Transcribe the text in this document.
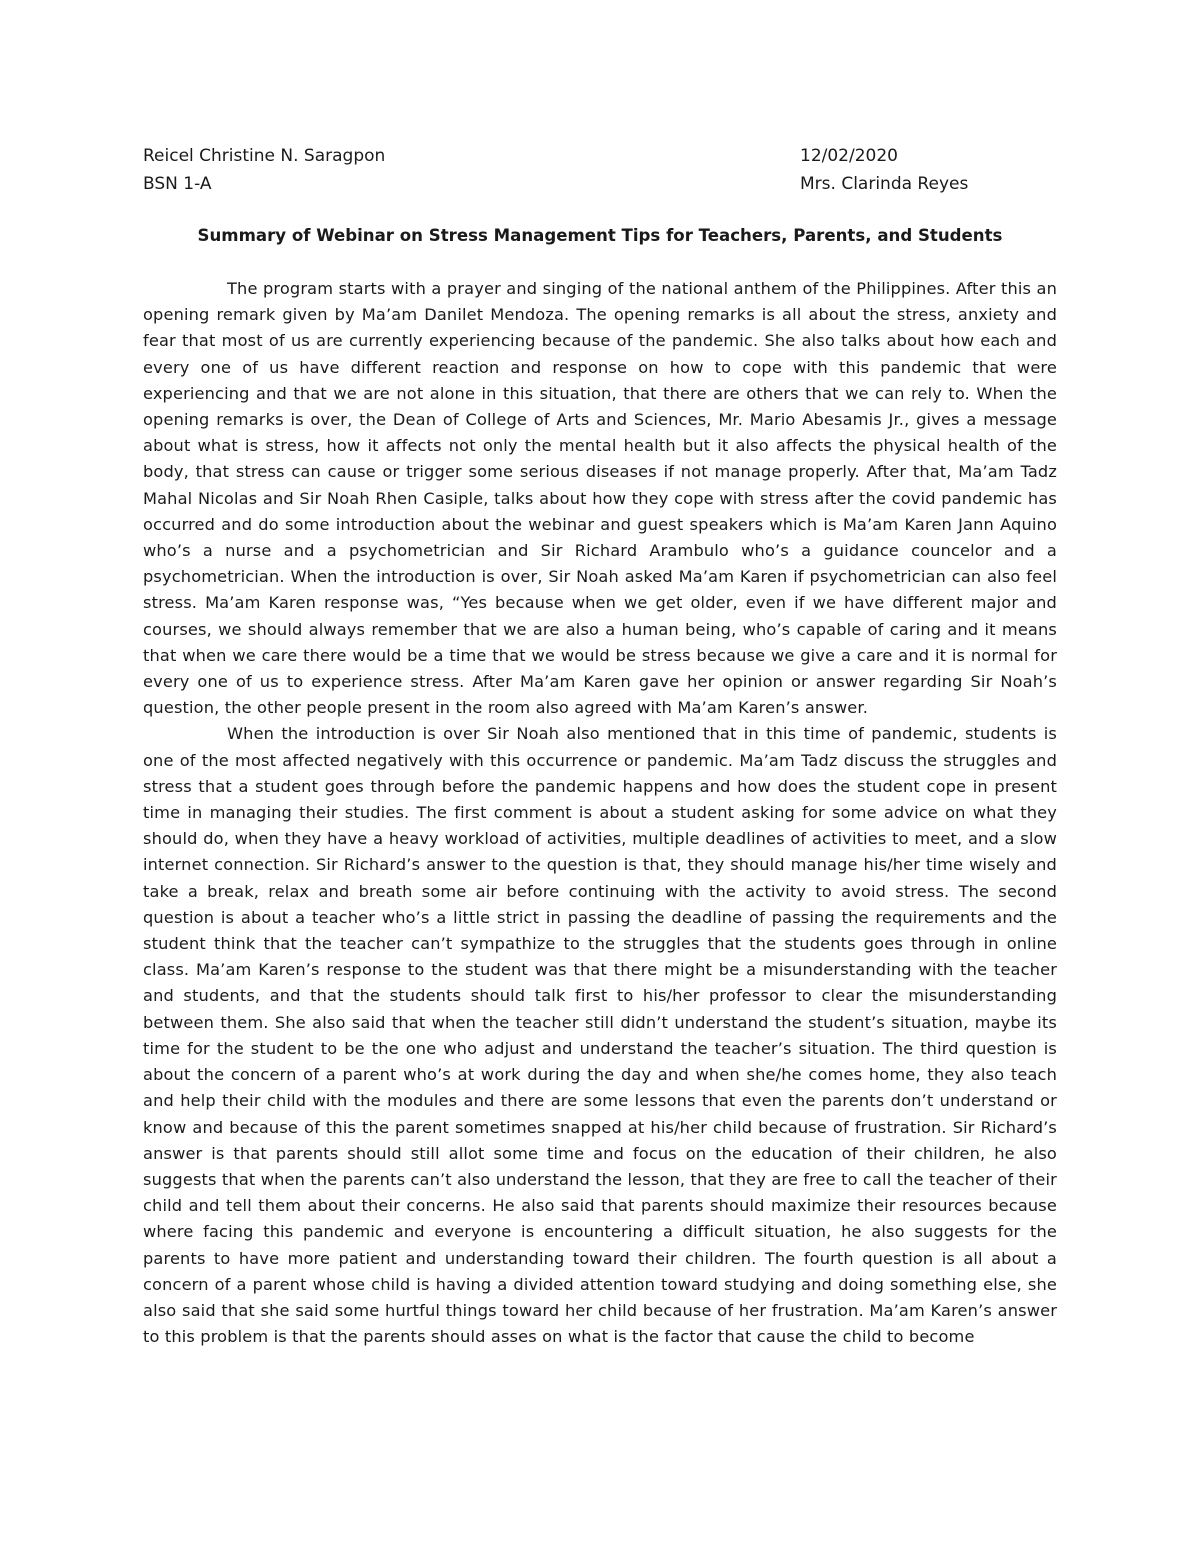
Reicel Christine N. Saragpon	12/02/2020
BSN 1-A	Mrs. Clarinda Reyes
Summary of Webinar on Stress Management Tips for Teachers, Parents, and Students

The program starts with a prayer and singing of the national anthem of the Philippines. After this an opening remark given by Ma’am Danilet Mendoza. The opening remarks is all about the stress, anxiety and fear that most of us are currently experiencing because of the pandemic. She also talks about how each and every one of us have different reaction and response on how to cope with this pandemic that were experiencing and that we are not alone in this situation, that there are others that we can rely to. When the opening remarks is over, the Dean of College of Arts and Sciences, Mr. Mario Abesamis Jr., gives a message about what is stress, how it affects not only the mental health but it also affects the physical health of the body, that stress can cause or trigger some serious diseases if not manage properly. After that, Ma’am Tadz Mahal Nicolas and Sir Noah Rhen Casiple, talks about how they cope with stress after the covid pandemic has occurred and do some introduction about the webinar and guest speakers which is Ma’am Karen Jann Aquino who’s a nurse and a psychometrician and Sir Richard Arambulo who’s a guidance councelor and a psychometrician. When the introduction is over, Sir Noah asked Ma’am Karen if psychometrician can also feel stress. Ma’am Karen response was, “Yes because when we get older, even if we have different major and courses, we should always remember that we are also a human being, who’s capable of caring and it means that when we care there would be a time that we would be stress because we give a care and it is normal for every one of us to experience stress. After Ma’am Karen gave her opinion or answer regarding Sir Noah’s question, the other people present in the room also agreed with Ma’am Karen’s answer.

When the introduction is over Sir Noah also mentioned that in this time of pandemic, students is one of the most affected negatively with this occurrence or pandemic. Ma’am Tadz discuss the struggles and stress that a student goes through before the pandemic happens and how does the student cope in present time in managing their studies. The first comment is about a student asking for some advice on what they should do, when they have a heavy workload of activities, multiple deadlines of activities to meet, and a slow internet connection. Sir Richard’s answer to the question is that, they should manage his/her time wisely and take a break, relax and breath some air before continuing with the activity to avoid stress. The second question is about a teacher who’s a little strict in passing the deadline of passing the requirements and the student think that the teacher can’t sympathize to the struggles that the students goes through in online class. Ma’am Karen’s response to the student was that there might be a misunderstanding with the teacher and students, and that the students should talk first to his/her professor to clear the misunderstanding between them. She also said that when the teacher still didn’t understand the student’s situation, maybe its time for the student to be the one who adjust and understand the teacher’s situation. The third question is about the concern of a parent who’s at work during the day and when she/he comes home, they also teach and help their child with the modules and there are some lessons that even the parents don’t understand or know and because of this the parent sometimes snapped at his/her child because of frustration. Sir Richard’s answer is that parents should still allot some time and focus on the education of their children, he also suggests that when the parents can’t also understand the lesson, that they are free to call the teacher of their child and tell them about their concerns. He also said that parents should maximize their resources because where facing this pandemic and everyone is encountering a difficult situation, he also suggests for the parents to have more patient and understanding toward their children. The fourth question is all about a concern of a parent whose child is having a divided attention toward studying and doing something else, she also said that she said some hurtful things toward her child because of her frustration. Ma’am Karen’s answer to this problem is that the parents should asses on what is the factor that cause the child to become
